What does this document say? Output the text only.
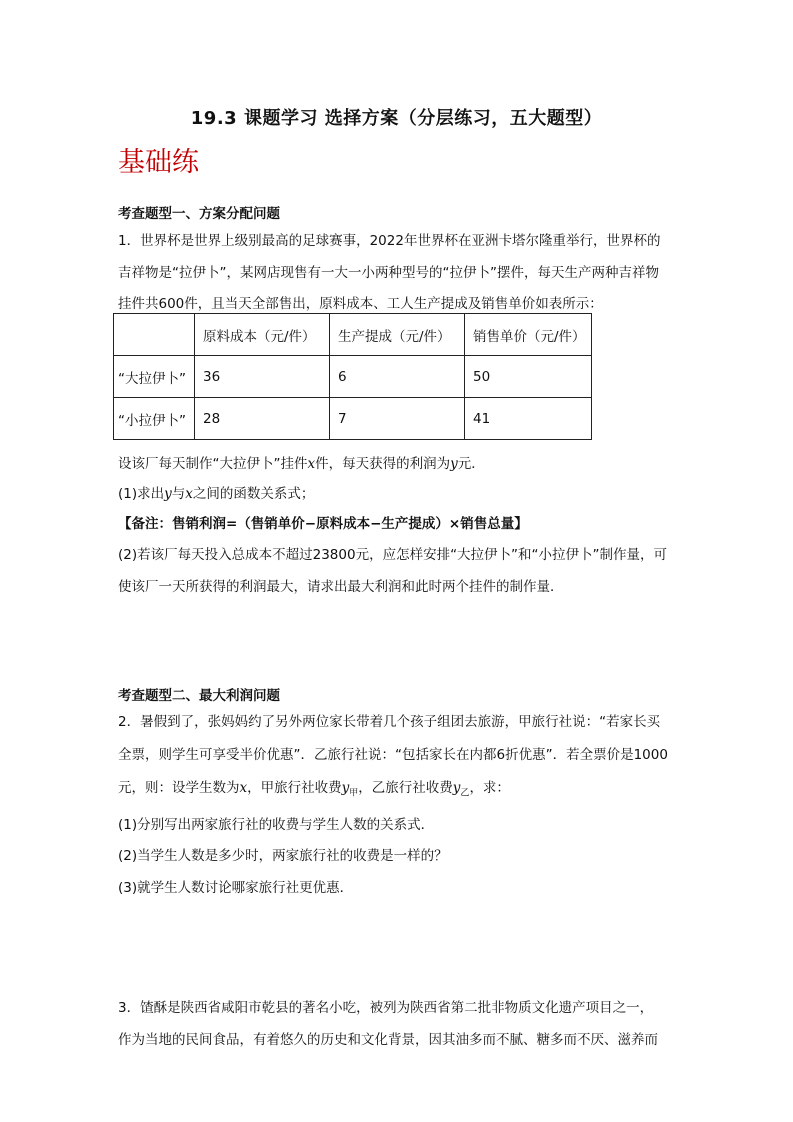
19.3 课题学习 选择方案（分层练习，五大题型）
基础练
考查题型一、方案分配问题
1．世界杯是世界上级别最高的足球赛事，2022年世界杯在亚洲卡塔尔隆重举行，世界杯的
吉祥物是“拉伊卜”，某网店现售有一大一小两种型号的“拉伊卜”摆件，每天生产两种吉祥物
挂件共600件，且当天全部售出，原料成本、工人生产提成及销售单价如表所示：
	原料成本（元/件）	生产提成（元/件）	销售单价（元/件）
“大拉伊卜”	36	6	50
“小拉伊卜”	28	7	41
设该厂每天制作“大拉伊卜”挂件x件，每天获得的利润为y元．
(1)求出y与x之间的函数关系式；
【备注：售销利润=（售销单价−原料成本−生产提成）×销售总量】
(2)若该厂每天投入总成本不超过23800元，应怎样安排“大拉伊卜”和“小拉伊卜”制作量，可
使该厂一天所获得的利润最大，请求出最大利润和此时两个挂件的制作量．
考查题型二、最大利润问题
2．暑假到了，张妈妈约了另外两位家长带着几个孩子组团去旅游，甲旅行社说：“若家长买
全票，则学生可享受半价优惠”．乙旅行社说：“包括家长在内都6折优惠”．若全票价是1000
元，则：设学生数为x，甲旅行社收费$y_甲$，乙旅行社收费$y_乙$，求：
(1)分别写出两家旅行社的收费与学生人数的关系式．
(2)当学生人数是多少时，两家旅行社的收费是一样的？
(3)就学生人数讨论哪家旅行社更优惠．
3．馇酥是陕西省咸阳市乾县的著名小吃，被列为陕西省第二批非物质文化遗产项目之一，
作为当地的民间食品，有着悠久的历史和文化背景，因其油多而不腻、糖多而不厌、滋养而
